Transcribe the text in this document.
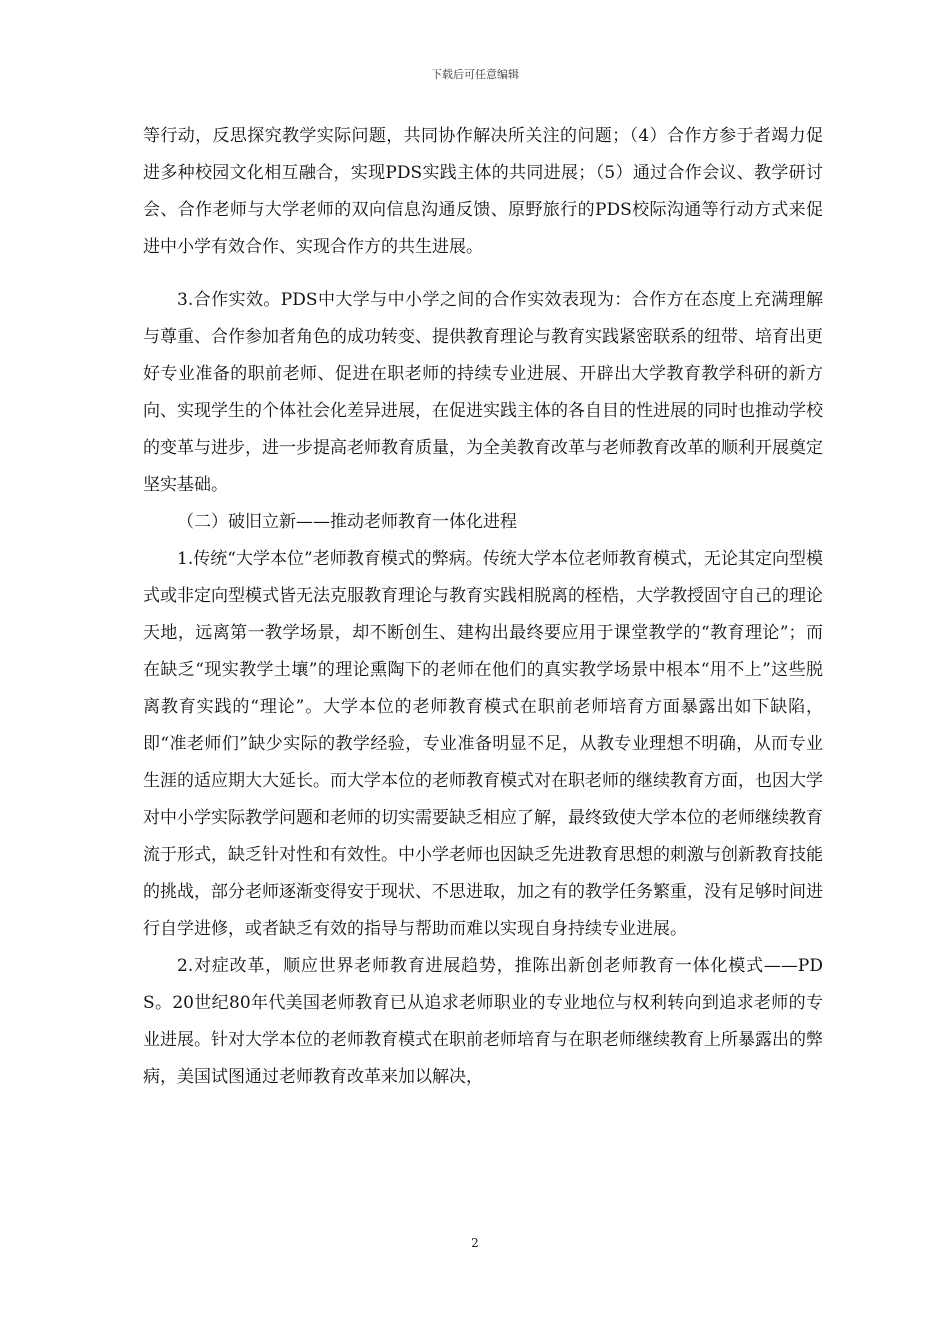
下载后可任意编辑

等行动，反思探究教学实际问题，共同协作解决所关注的问题；（4）合作方参于者竭力促进多种校园文化相互融合，实现PDS实践主体的共同进展；（5）通过合作会议、教学研讨会、合作老师与大学老师的双向信息沟通反馈、原野旅行的PDS校际沟通等行动方式来促进中小学有效合作、实现合作方的共生进展。

3.合作实效。PDS中大学与中小学之间的合作实效表现为：合作方在态度上充满理解与尊重、合作参加者角色的成功转变、提供教育理论与教育实践紧密联系的纽带、培育出更好专业准备的职前老师、促进在职老师的持续专业进展、开辟出大学教育教学科研的新方向、实现学生的个体社会化差异进展，在促进实践主体的各自目的性进展的同时也推动学校的变革与进步，进一步提高老师教育质量，为全美教育改革与老师教育改革的顺利开展奠定坚实基础。

（二）破旧立新——推动老师教育一体化进程

1.传统“大学本位”老师教育模式的弊病。传统大学本位老师教育模式，无论其定向型模式或非定向型模式皆无法克服教育理论与教育实践相脱离的桎梏，大学教授固守自己的理论天地，远离第一教学场景，却不断创生、建构出最终要应用于课堂教学的“教育理论”；而在缺乏“现实教学土壤”的理论熏陶下的老师在他们的真实教学场景中根本“用不上”这些脱离教育实践的“理论”。大学本位的老师教育模式在职前老师培育方面暴露出如下缺陷，即“准老师们”缺少实际的教学经验，专业准备明显不足，从教专业理想不明确，从而专业生涯的适应期大大延长。而大学本位的老师教育模式对在职老师的继续教育方面，也因大学对中小学实际教学问题和老师的切实需要缺乏相应了解，最终致使大学本位的老师继续教育流于形式，缺乏针对性和有效性。中小学老师也因缺乏先进教育思想的刺激与创新教育技能的挑战，部分老师逐渐变得安于现状、不思进取，加之有的教学任务繁重，没有足够时间进行自学进修，或者缺乏有效的指导与帮助而难以实现自身持续专业进展。

2.对症改革，顺应世界老师教育进展趋势，推陈出新创老师教育一体化模式——PDS。20世纪80年代美国老师教育已从追求老师职业的专业地位与权利转向到追求老师的专业进展。针对大学本位的老师教育模式在职前老师培育与在职老师继续教育上所暴露出的弊病，美国试图通过老师教育改革来加以解决，

2
